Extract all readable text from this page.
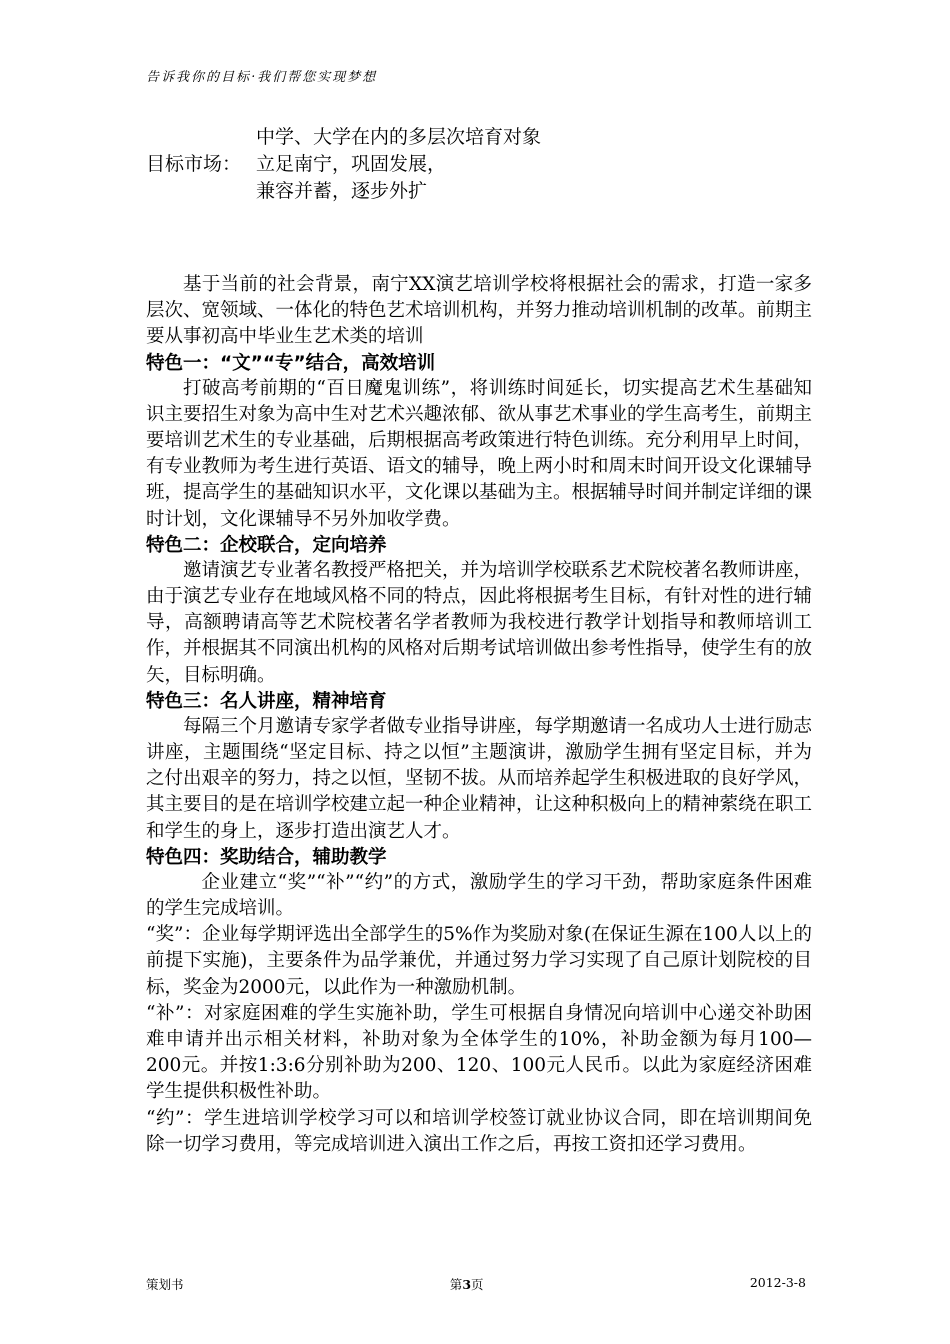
告诉我你的目标·我们帮您实现梦想
中学、大学在内的多层次培育对象
目标市场： 立足南宁，巩固发展，
兼容并蓄，逐步外扩

基于当前的社会背景，南宁XX演艺培训学校将根据社会的需求，打造一家多层次、宽领域、一体化的特色艺术培训机构，并努力推动培训机制的改革。前期主要从事初高中毕业生艺术类的培训

特色一：“文”“专”结合，高效培训

打破高考前期的“百日魔鬼训练”，将训练时间延长，切实提高艺术生基础知识主要招生对象为高中生对艺术兴趣浓郁、欲从事艺术事业的学生高考生，前期主要培训艺术生的专业基础，后期根据高考政策进行特色训练。充分利用早上时间，有专业教师为考生进行英语、语文的辅导，晚上两小时和周末时间开设文化课辅导班，提高学生的基础知识水平，文化课以基础为主。根据辅导时间并制定详细的课时计划，文化课辅导不另外加收学费。

特色二：企校联合，定向培养

邀请演艺专业著名教授严格把关，并为培训学校联系艺术院校著名教师讲座，由于演艺专业存在地域风格不同的特点，因此将根据考生目标，有针对性的进行辅导，高额聘请高等艺术院校著名学者教师为我校进行教学计划指导和教师培训工作，并根据其不同演出机构的风格对后期考试培训做出参考性指导，使学生有的放矢，目标明确。

特色三：名人讲座，精神培育

每隔三个月邀请专家学者做专业指导讲座，每学期邀请一名成功人士进行励志讲座，主题围绕“坚定目标、持之以恒”主题演讲，激励学生拥有坚定目标，并为之付出艰辛的努力，持之以恒，坚韧不拔。从而培养起学生积极进取的良好学风，其主要目的是在培训学校建立起一种企业精神，让这种积极向上的精神萦绕在职工和学生的身上，逐步打造出演艺人才。

特色四：奖助结合，辅助教学

企业建立“奖”“补”“约”的方式，激励学生的学习干劲，帮助家庭条件困难的学生完成培训。

“奖”：企业每学期评选出全部学生的5%作为奖励对象(在保证生源在100人以上的前提下实施)，主要条件为品学兼优，并通过努力学习实现了自己原计划院校的目标，奖金为2000元，以此作为一种激励机制。

“补”：对家庭困难的学生实施补助，学生可根据自身情况向培训中心递交补助困难申请并出示相关材料，补助对象为全体学生的10%，补助金额为每月100—200元。并按1:3:6分别补助为200、120、100元人民币。以此为家庭经济困难学生提供积极性补助。

“约”：学生进培训学校学习可以和培训学校签订就业协议合同，即在培训期间免除一切学习费用，等完成培训进入演出工作之后，再按工资扣还学习费用。

策划书	第3页	2012-3-8
